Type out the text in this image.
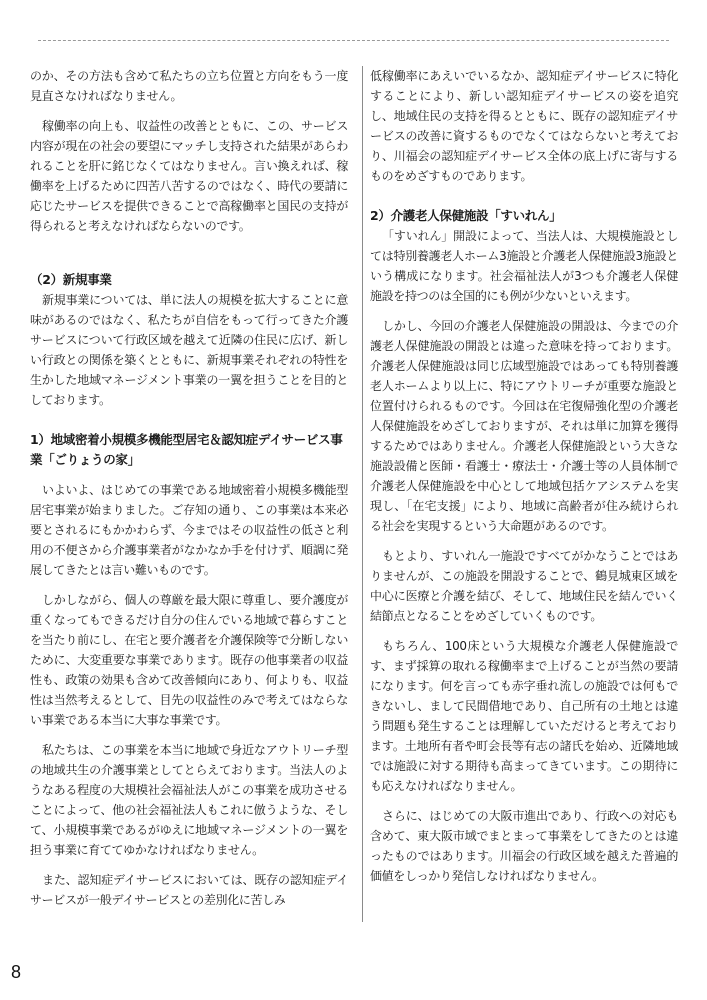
のか、その方法も含めて私たちの立ち位置と方向をもう一度見直さなければなりません。

稼働率の向上も、収益性の改善とともに、この、サービス内容が現在の社会の要望にマッチし支持された結果があらわれることを肝に銘じなくてはなりません。言い換えれば、稼働率を上げるために四苦八苦するのではなく、時代の要請に応じたサービスを提供できることで高稼働率と国民の支持が得られると考えなければならないのです。

（2）新規事業

新規事業については、単に法人の規模を拡大することに意味があるのではなく、私たちが自信をもって行ってきた介護サービスについて行政区域を越えて近隣の住民に広げ、新しい行政との関係を築くとともに、新規事業それぞれの特性を生かした地域マネージメント事業の一翼を担うことを目的としております。

1）地域密着小規模多機能型居宅＆認知症デイサービス事業「ごりょうの家」

いよいよ、はじめての事業である地域密着小規模多機能型居宅事業が始まりました。ご存知の通り、この事業は本来必要とされるにもかかわらず、今まではその収益性の低さと利用の不便さから介護事業者がなかなか手を付けず、順調に発展してきたとは言い難いものです。

しかしながら、個人の尊厳を最大限に尊重し、要介護度が重くなってもできるだけ自分の住んでいる地域で暮らすことを当たり前にし、在宅と要介護者を介護保険等で分断しないために、大変重要な事業であります。既存の他事業者の収益性も、政策の効果も含めて改善傾向にあり、何よりも、収益性は当然考えるとして、目先の収益性のみで考えてはならない事業である本当に大事な事業です。

私たちは、この事業を本当に地域で身近なアウトリーチ型の地域共生の介護事業としてとらえております。当法人のようなある程度の大規模社会福祉法人がこの事業を成功させることによって、他の社会福祉法人もこれに倣うような、そして、小規模事業であるがゆえに地域マネージメントの一翼を担う事業に育ててゆかなければなりません。

また、認知症デイサービスにおいては、既存の認知症デイサービスが一般デイサービスとの差別化に苦しみ

低稼働率にあえいでいるなか、認知症デイサービスに特化することにより、新しい認知症デイサービスの姿を追究し、地域住民の支持を得るとともに、既存の認知症デイサービスの改善に資するものでなくてはならないと考えており、川福会の認知症デイサービス全体の底上げに寄与するものをめざすものであります。

2）介護老人保健施設「すいれん」

「すいれん」開設によって、当法人は、大規模施設としては特別養護老人ホーム3施設と介護老人保健施設3施設という構成になります。社会福祉法人が3つも介護老人保健施設を持つのは全国的にも例が少ないといえます。

しかし、今回の介護老人保健施設の開設は、今までの介護老人保健施設の開設とは違った意味を持っております。介護老人保健施設は同じ広域型施設ではあっても特別養護老人ホームより以上に、特にアウトリーチが重要な施設と位置付けられるものです。今回は在宅復帰強化型の介護老人保健施設をめざしておりますが、それは単に加算を獲得するためではありません。介護老人保健施設という大きな施設設備と医師・看護士・療法士・介護士等の人員体制で介護老人保健施設を中心として地域包括ケアシステムを実現し、「在宅支援」により、地域に高齢者が住み続けられる社会を実現するという大命題があるのです。

もとより、すいれん一施設ですべてがかなうことではありませんが、この施設を開設することで、鶴見城東区域を中心に医療と介護を結び、そして、地域住民を結んでいく結節点となることをめざしていくものです。

もちろん、100床という大規模な介護老人保健施設です、まず採算の取れる稼働率まで上げることが当然の要請になります。何を言っても赤字垂れ流しの施設では何もできないし、まして民間借地であり、自己所有の土地とは違う問題も発生することは理解していただけると考えております。土地所有者や町会長等有志の諸氏を始め、近隣地域では施設に対する期待も高まってきています。この期待にも応えなければなりません。

さらに、はじめての大阪市進出であり、行政への対応も含めて、東大阪市域でまとまって事業をしてきたのとは違ったものではあります。川福会の行政区域を越えた普遍的価値をしっかり発信しなければなりません。

8
